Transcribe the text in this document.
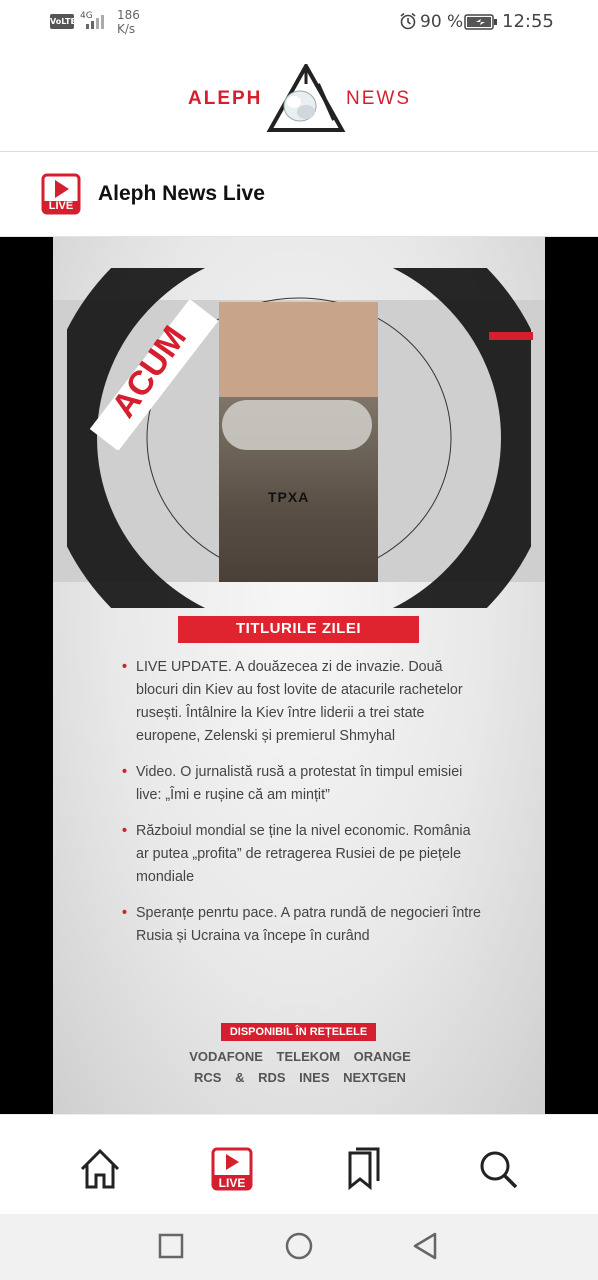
VoLTE
4G 186
K/s	90 % 12:55
ALEPH	NEWS
LIVE
Aleph News Live
TPXA
ACUM
TITLURILE ZILEI
• LIVE UPDATE. A douăzecea zi de invazie. Două blocuri din Kiev au fost lovite de atacurile rachetelor rusești. Întâlnire la Kiev între liderii a trei state europene, Zelenski și premierul Shmyhal
• Video. O jurnalistă rusă a protestat în timpul emisiei live: „Îmi e rușine că am mințit”
• Războiul mondial se ține la nivel economic. România ar putea „profita” de retragerea Rusiei de pe piețele mondiale
• Speranțe penrtu pace. A patra rundă de negocieri între Rusia și Ucraina va începe în curând
DISPONIBIL ÎN REȚELELE
VODAFONE TELEKOM ORANGE
RCS & RDS INES NEXTGEN
LIVE
